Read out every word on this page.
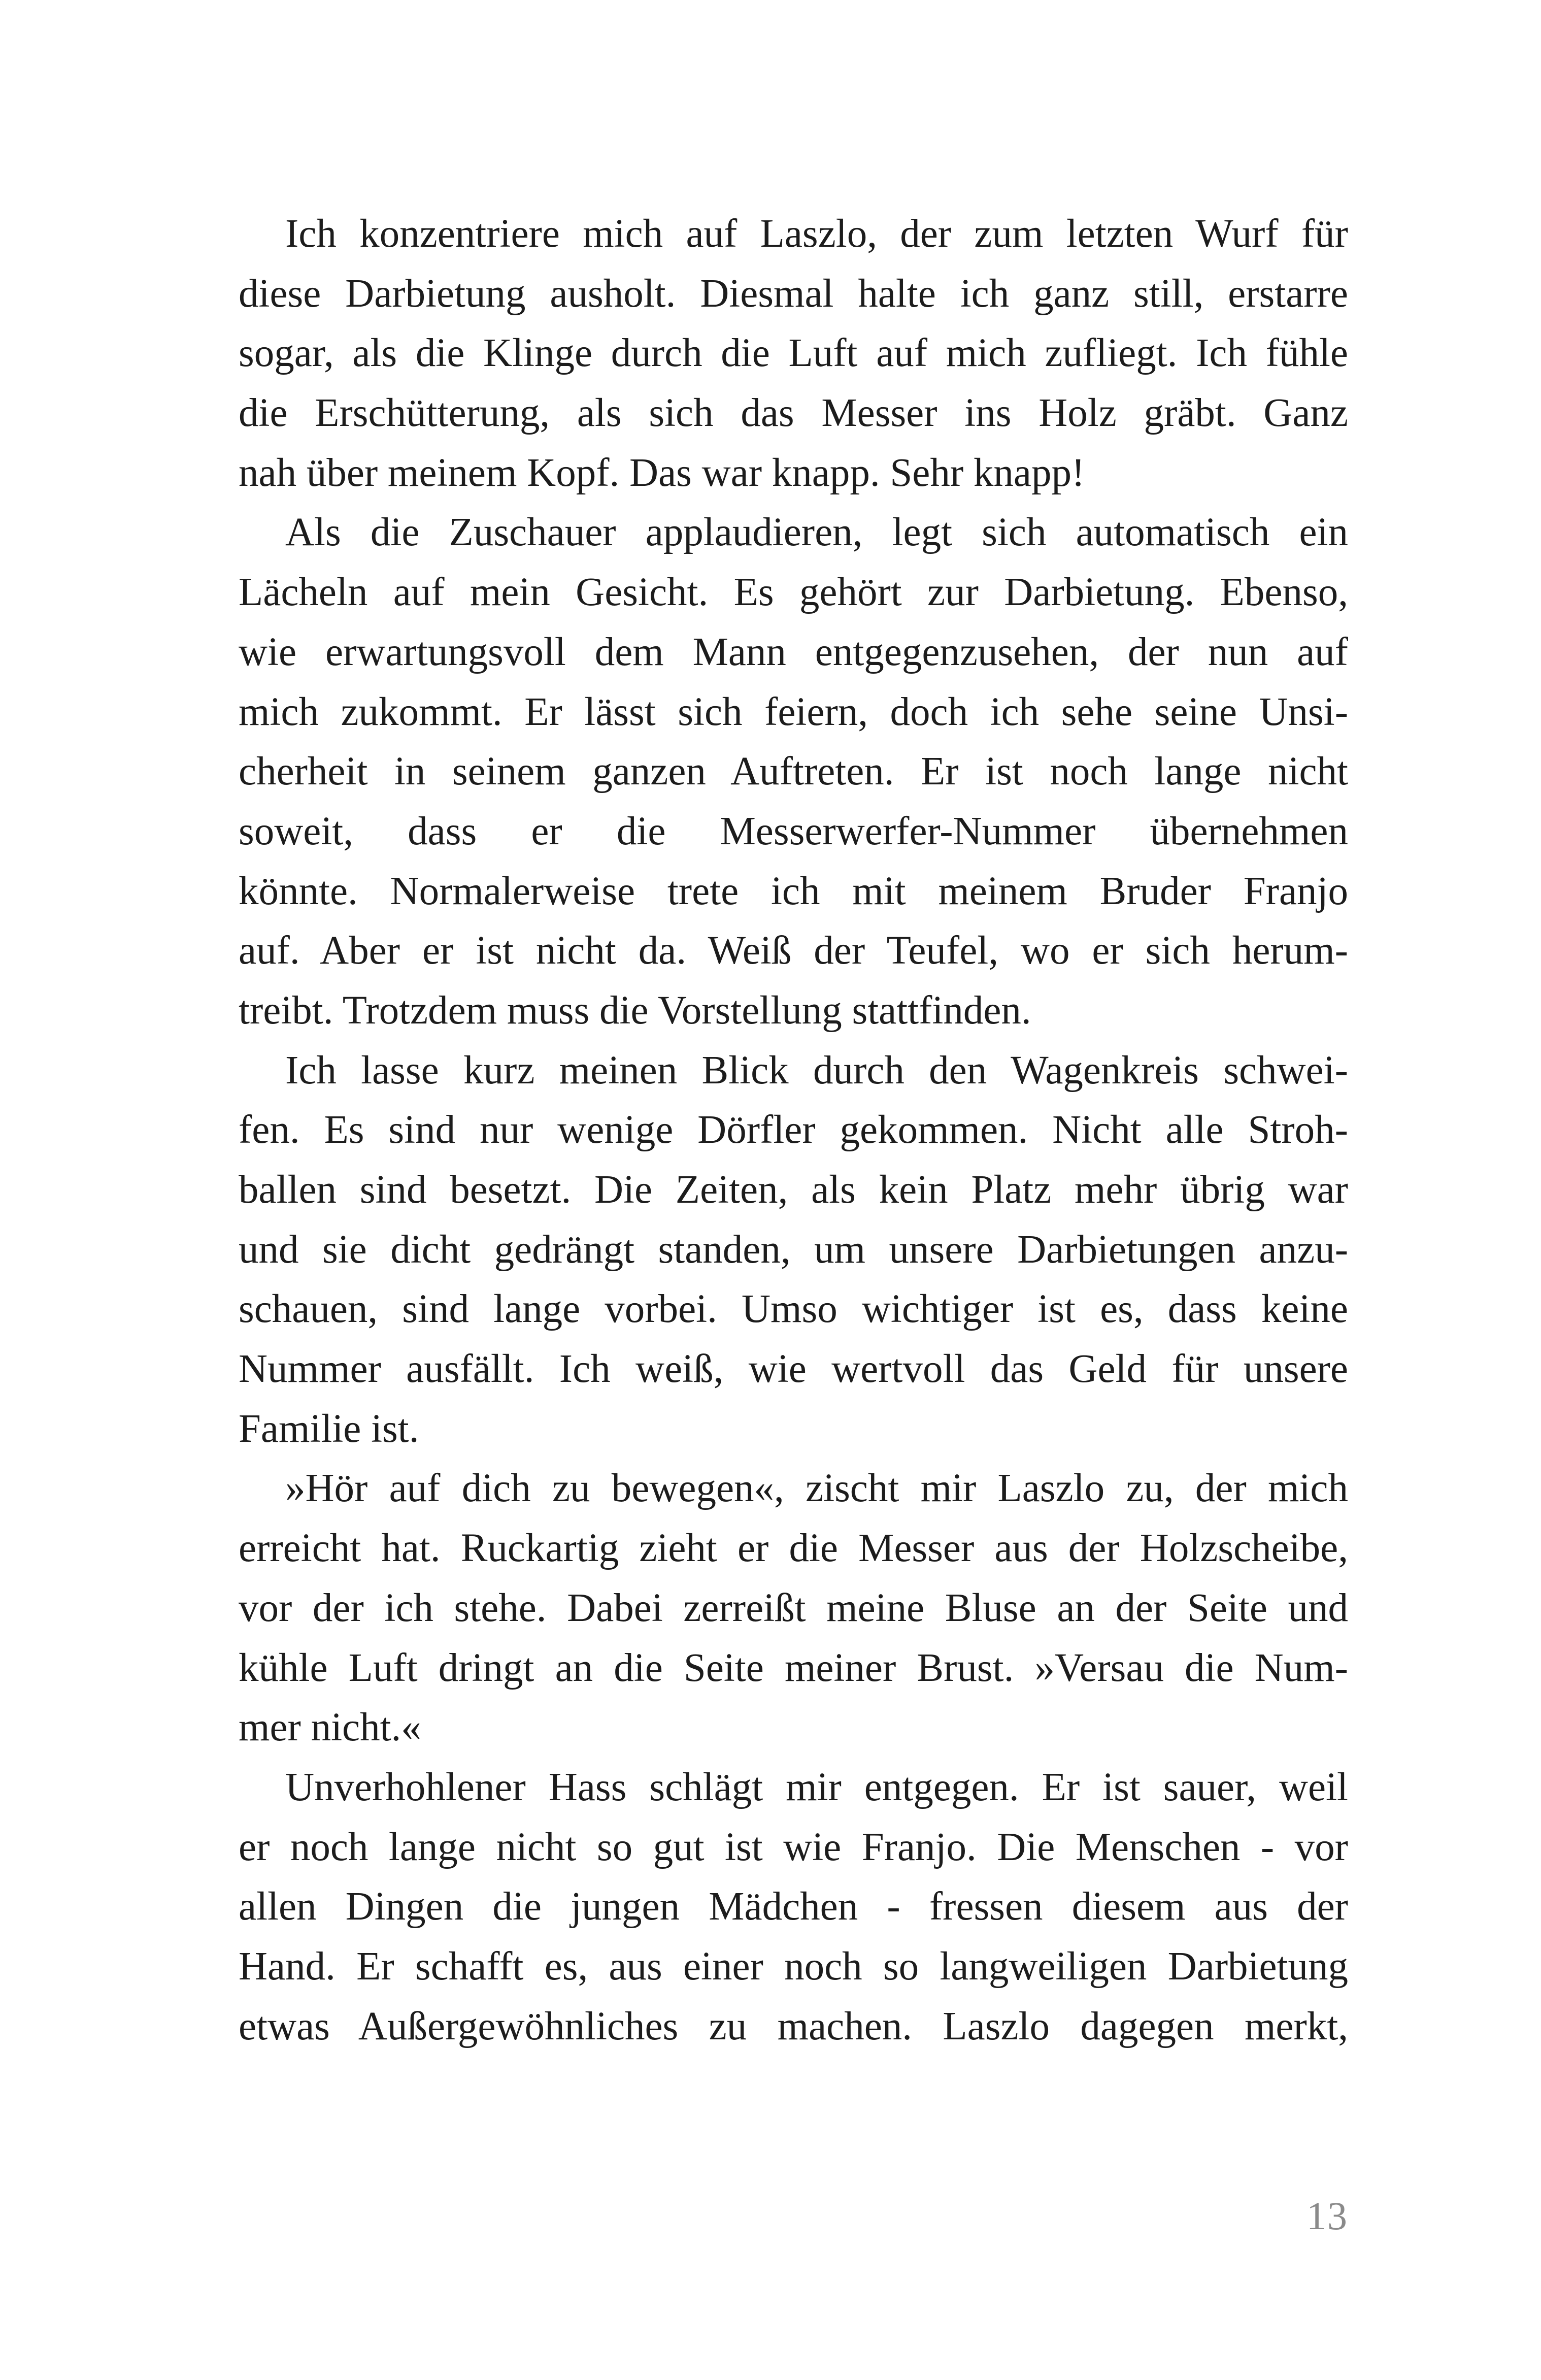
Ich konzentriere mich auf Laszlo, der zum letzten Wurf für
diese Darbietung ausholt. Diesmal halte ich ganz still, erstarre
sogar, als die Klinge durch die Luft auf mich zufliegt. Ich fühle
die Erschütterung, als sich das Messer ins Holz gräbt. Ganz
nah über meinem Kopf. Das war knapp. Sehr knapp!
Als die Zuschauer applaudieren, legt sich automatisch ein
Lächeln auf mein Gesicht. Es gehört zur Darbietung. Ebenso,
wie erwartungsvoll dem Mann entgegenzusehen, der nun auf
mich zukommt. Er lässt sich feiern, doch ich sehe seine Unsi-
cherheit in seinem ganzen Auftreten. Er ist noch lange nicht
soweit, dass er die Messerwerfer-Nummer übernehmen
könnte. Normalerweise trete ich mit meinem Bruder Franjo
auf. Aber er ist nicht da. Weiß der Teufel, wo er sich herum-
treibt. Trotzdem muss die Vorstellung stattfinden.
Ich lasse kurz meinen Blick durch den Wagenkreis schwei-
fen. Es sind nur wenige Dörfler gekommen. Nicht alle Stroh-
ballen sind besetzt. Die Zeiten, als kein Platz mehr übrig war
und sie dicht gedrängt standen, um unsere Darbietungen anzu-
schauen, sind lange vorbei. Umso wichtiger ist es, dass keine
Nummer ausfällt. Ich weiß, wie wertvoll das Geld für unsere
Familie ist.
»Hör auf dich zu bewegen«, zischt mir Laszlo zu, der mich
erreicht hat. Ruckartig zieht er die Messer aus der Holzscheibe,
vor der ich stehe. Dabei zerreißt meine Bluse an der Seite und
kühle Luft dringt an die Seite meiner Brust. »Versau die Num-
mer nicht.«
Unverhohlener Hass schlägt mir entgegen. Er ist sauer, weil
er noch lange nicht so gut ist wie Franjo. Die Menschen - vor
allen Dingen die jungen Mädchen - fressen diesem aus der
Hand. Er schafft es, aus einer noch so langweiligen Darbietung
etwas Außergewöhnliches zu machen. Laszlo dagegen merkt,
13
